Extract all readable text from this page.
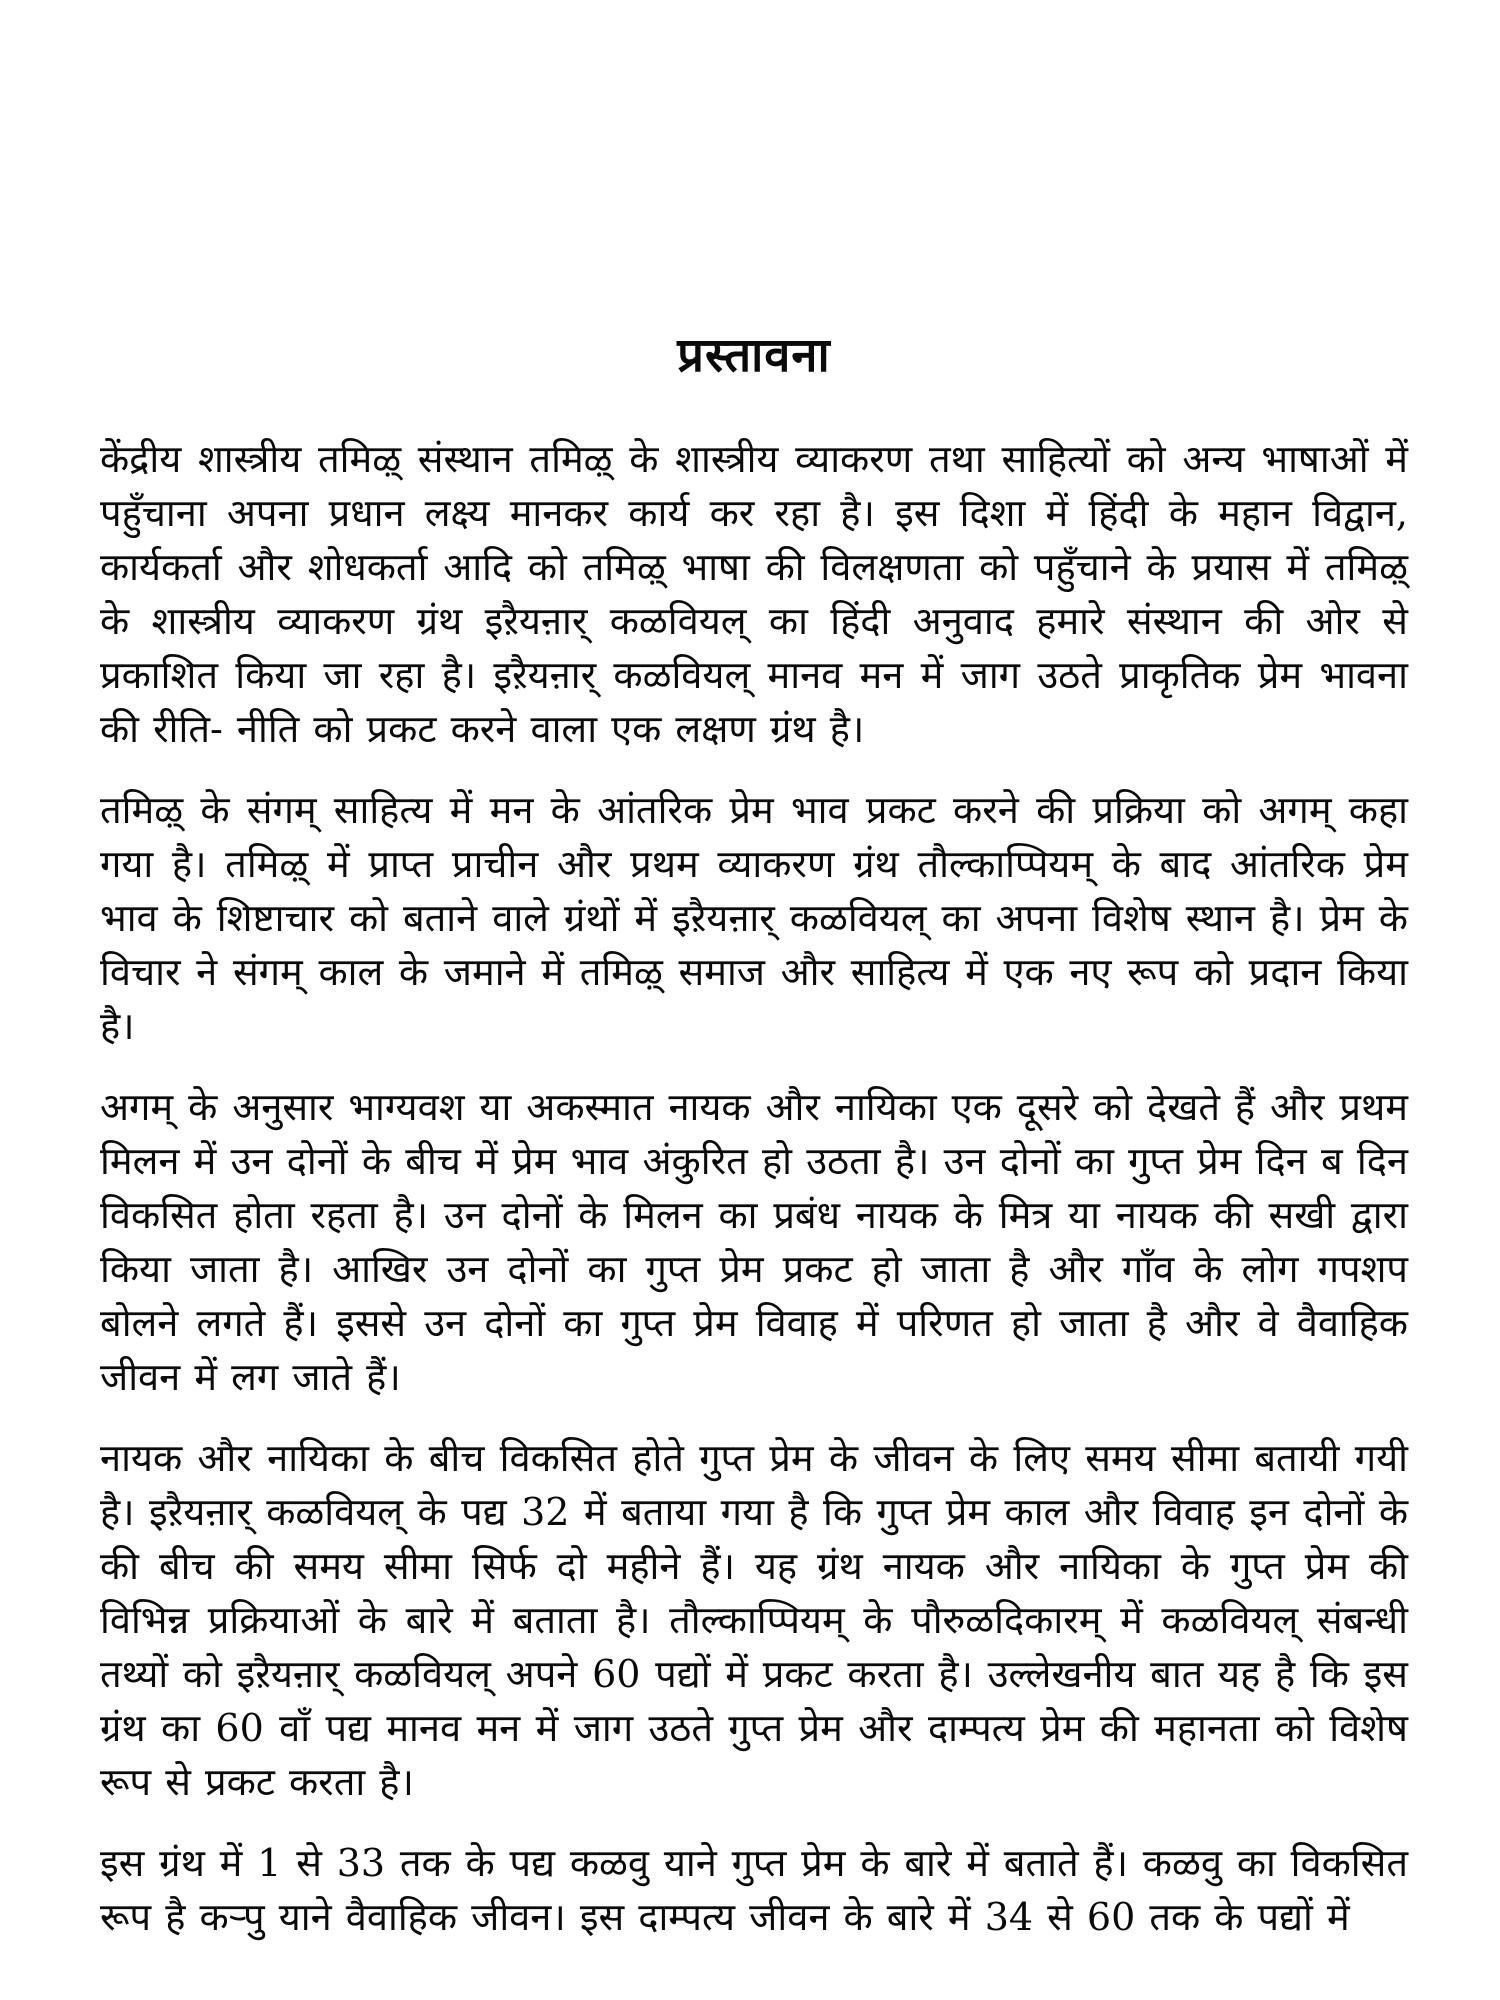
प्रस्तावना

केंद्रीय शास्त्रीय तमिऴ् संस्थान तमिऴ् के शास्त्रीय व्याकरण तथा साहित्यों को अन्य भाषाओं में पहुँचाना अपना प्रधान लक्ष्य मानकर कार्य कर रहा है। इस दिशा में हिंदी के महान विद्वान, कार्यकर्ता और शोधकर्ता आदि को तमिऴ् भाषा की विलक्षणता को पहुँचाने के प्रयास में तमिऴ् के शास्त्रीय व्याकरण ग्रंथ इऱैयऩार् कळवियल् का हिंदी अनुवाद हमारे संस्थान की ओर से प्रकाशित किया जा रहा है। इऱैयऩार् कळवियल् मानव मन में जाग उठते प्राकृतिक प्रेम भावना की रीति- नीति को प्रकट करने वाला एक लक्षण ग्रंथ है।

तमिऴ् के संगम् साहित्य में मन के आंतरिक प्रेम भाव प्रकट करने की प्रक्रिया को अगम् कहा गया है। तमिऴ् में प्राप्त प्राचीन और प्रथम व्याकरण ग्रंथ तौल्काप्पियम् के बाद आंतरिक प्रेम भाव के शिष्टाचार को बताने वाले ग्रंथों में इऱैयऩार् कळवियल् का अपना विशेष स्थान है। प्रेम के विचार ने संगम् काल के जमाने में तमिऴ् समाज और साहित्य में एक नए रूप को प्रदान किया है।

अगम् के अनुसार भाग्यवश या अकस्मात नायक और नायिका एक दूसरे को देखते हैं और प्रथम मिलन में उन दोनों के बीच में प्रेम भाव अंकुरित हो उठता है। उन दोनों का गुप्त प्रेम दिन ब दिन विकसित होता रहता है। उन दोनों के मिलन का प्रबंध नायक के मित्र या नायक की सखी द्वारा किया जाता है। आखिर उन दोनों का गुप्त प्रेम प्रकट हो जाता है और गाँव के लोग गपशप बोलने लगते हैं। इससे उन दोनों का गुप्त प्रेम विवाह में परिणत हो जाता है और वे वैवाहिक जीवन में लग जाते हैं।

नायक और नायिका के बीच विकसित होते गुप्त प्रेम के जीवन के लिए समय सीमा बतायी गयी है। इऱैयऩार् कळवियल् के पद्य 32 में बताया गया है कि गुप्त प्रेम काल और विवाह इन दोनों के की बीच की समय सीमा सिर्फ दो महीने हैं। यह ग्रंथ नायक और नायिका के गुप्त प्रेम की विभिन्न प्रक्रियाओं के बारे में बताता है। तौल्काप्पियम् के पौरुळदिकारम् में कळवियल् संबन्धी तथ्यों को इऱैयऩार् कळवियल् अपने 60 पद्यों में प्रकट करता है। उल्लेखनीय बात यह है कि इस ग्रंथ का 60 वाँ पद्य मानव मन में जाग उठते गुप्त प्रेम और दाम्पत्य प्रेम की महानता को विशेष रूप से प्रकट करता है।

इस ग्रंथ में 1 से 33 तक के पद्य कळवु याने गुप्त प्रेम के बारे में बताते हैं। कळवु का विकसित रूप है कऱ्पु याने वैवाहिक जीवन। इस दाम्पत्य जीवन के बारे में 34 से 60 तक के पद्यों में
